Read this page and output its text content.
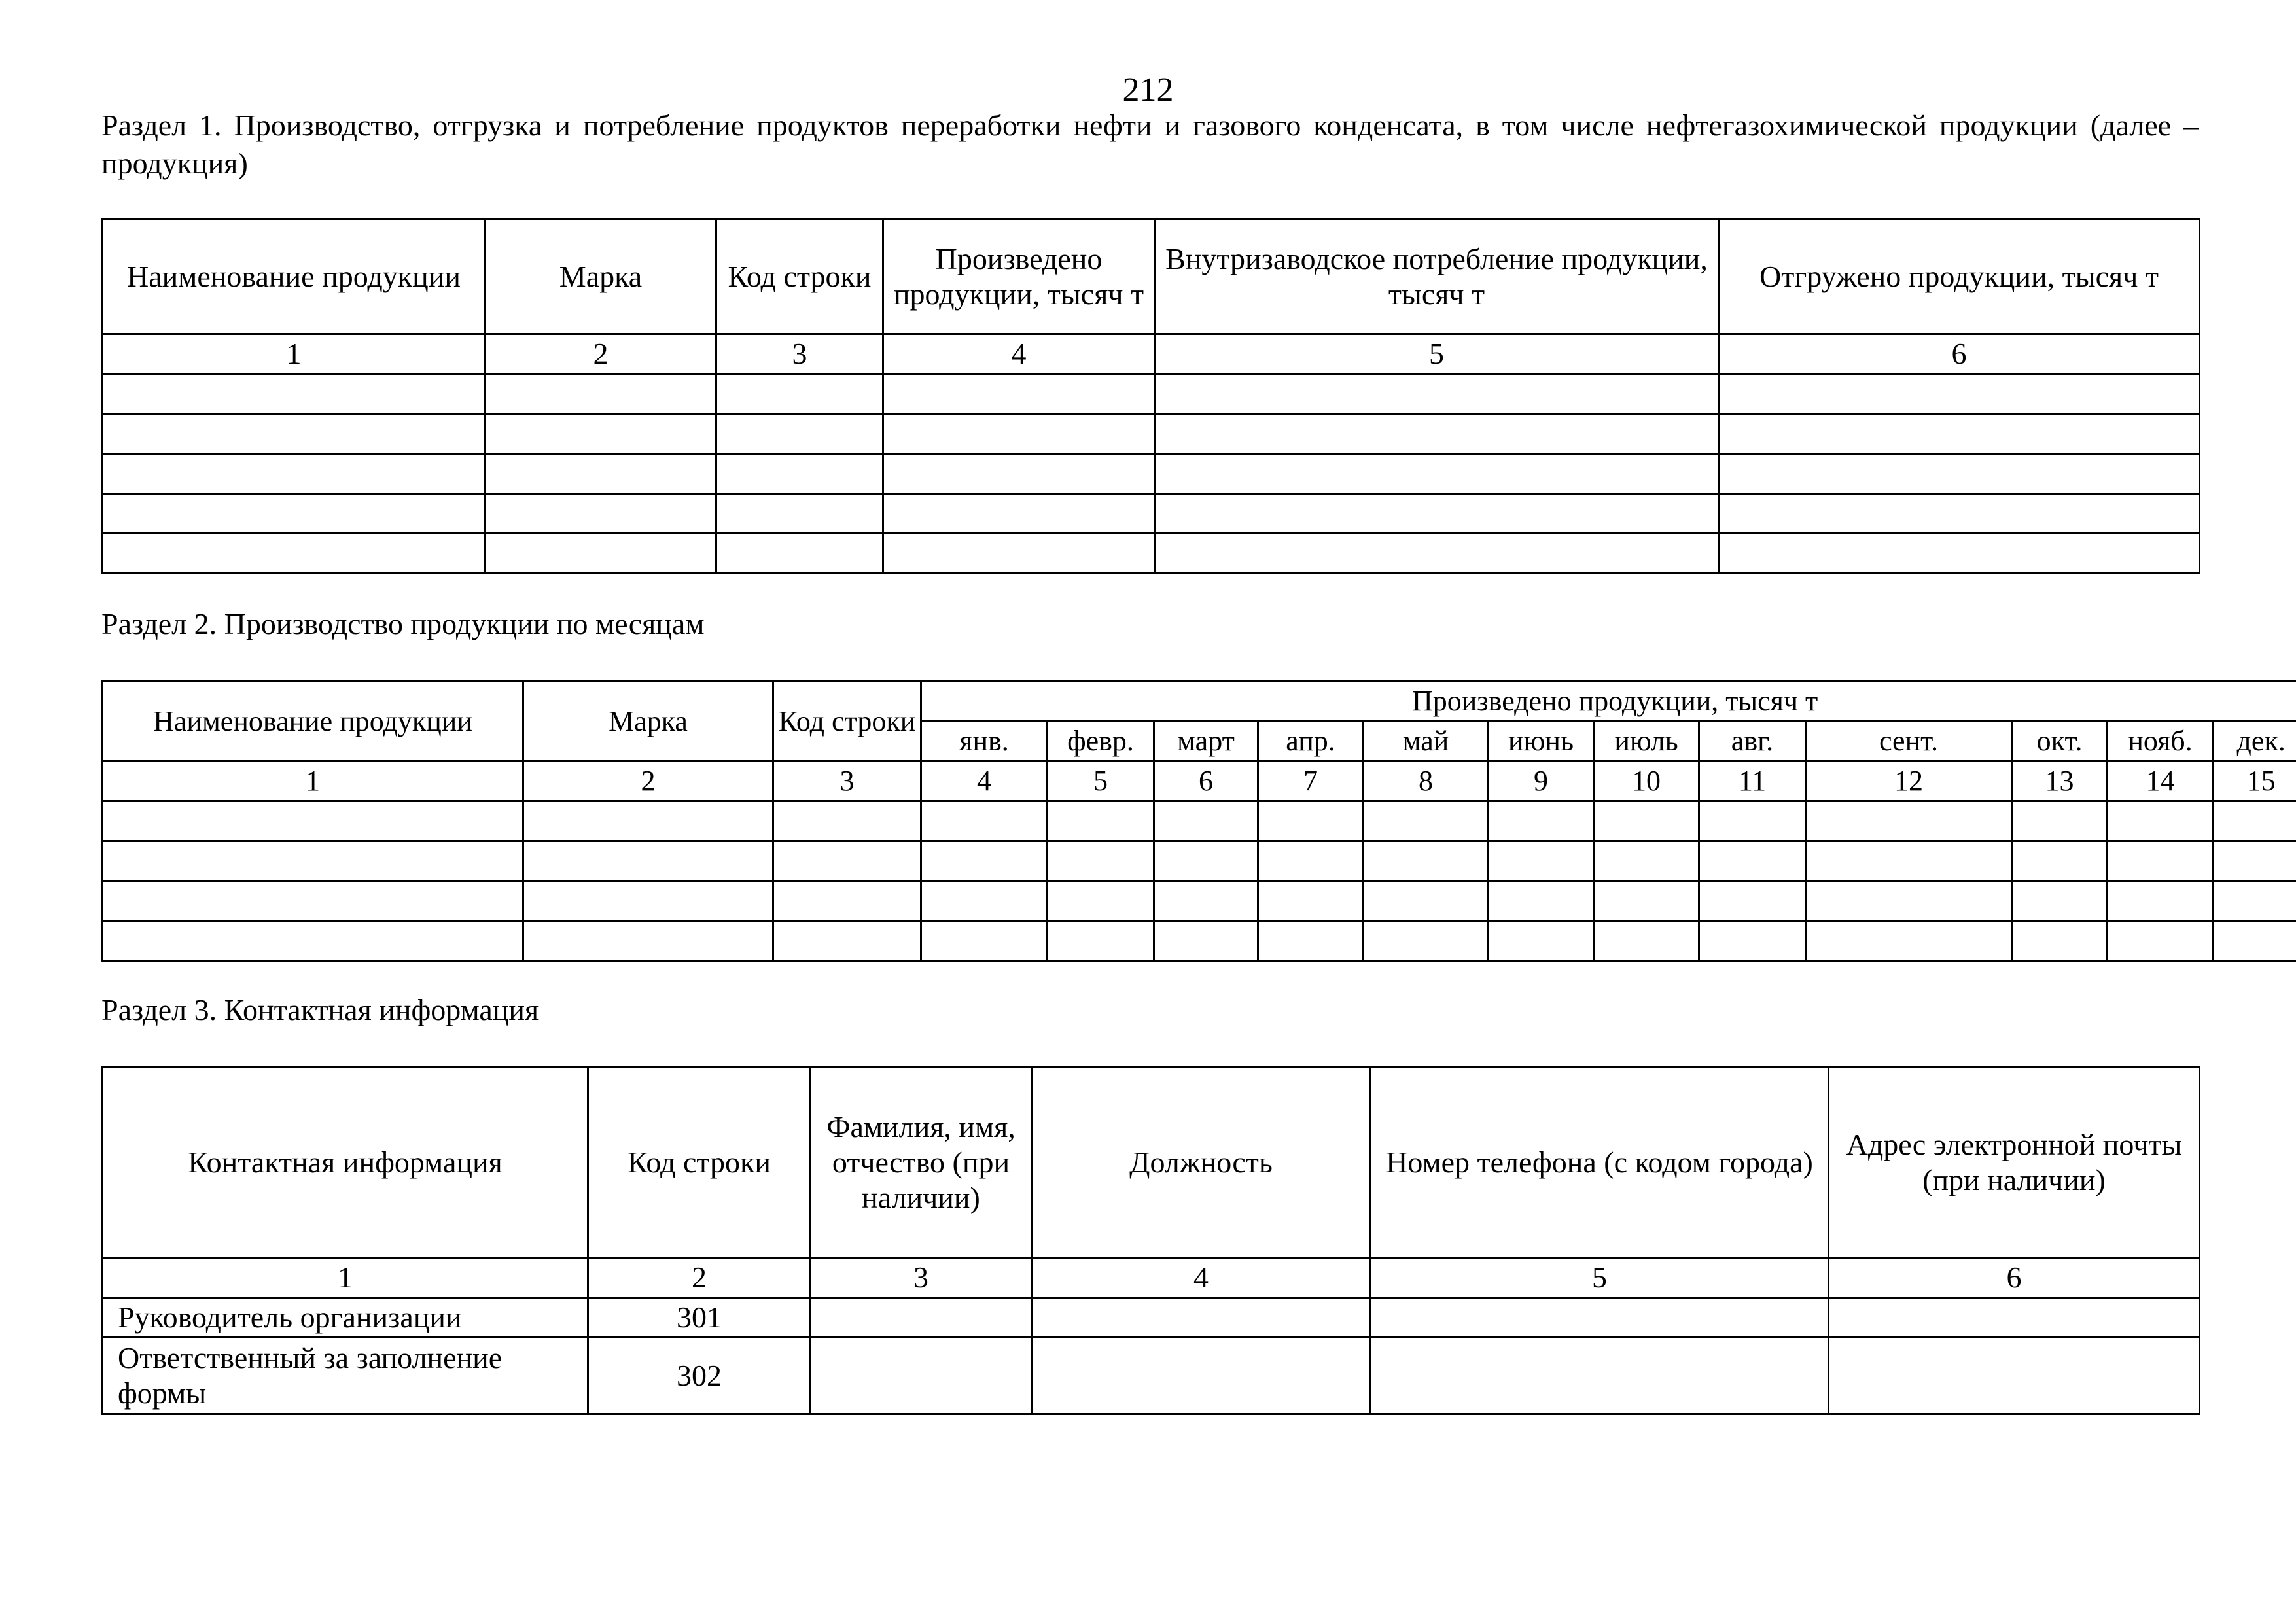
212
Раздел 1. Производство, отгрузка и потребление продуктов переработки нефти и газового конденсата, в том числе нефтегазохимической продукции (далее – продукция)
Наименование продукции	Марка	Код строки	Произведено продукции, тысяч т	Внутризаводское потребление продукции, тысяч т	Отгружено продукции, тысяч т
1	2	3	4	5	6

Раздел 2. Производство продукции по месяцам
Наименование продукции	Марка	Код строки	Произведено продукции, тысяч т											
			янв.	февр.	март	апр.	май	июнь	июль	авг.	сент.	окт.	нояб.	дек.
1	2	3	4	5	6	7	8	9	10	11	12	13	14	15

Раздел 3. Контактная информация
Контактная информация	Код строки	Фамилия, имя, отчество (при наличии)	Должность	Номер телефона (с кодом города)	Адрес электронной почты (при наличии)
1	2	3	4	5	6
Руководитель организации	301				
Ответственный за заполнение формы	302				
